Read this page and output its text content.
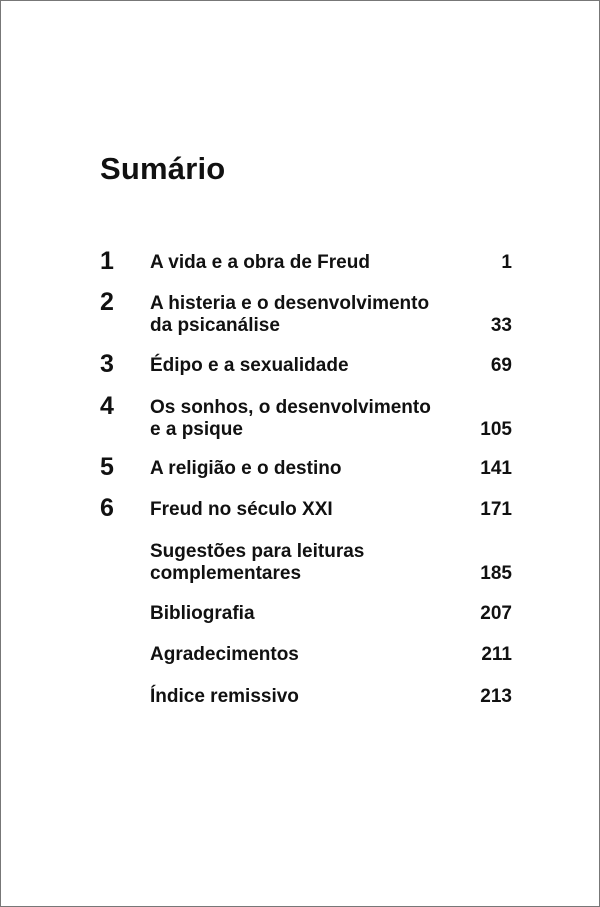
Sumário
1 A vida e a obra de Freud	1
2 A histeria e o desenvolvimento
da psicanálise	33
3 Édipo e a sexualidade	69
4 Os sonhos, o desenvolvimento
e a psique	105
5 A religião e o destino	141
6 Freud no século XXI	171
Sugestões para leituras
complementares	185
Bibliografia	207
Agradecimentos	211
Índice remissivo	213
